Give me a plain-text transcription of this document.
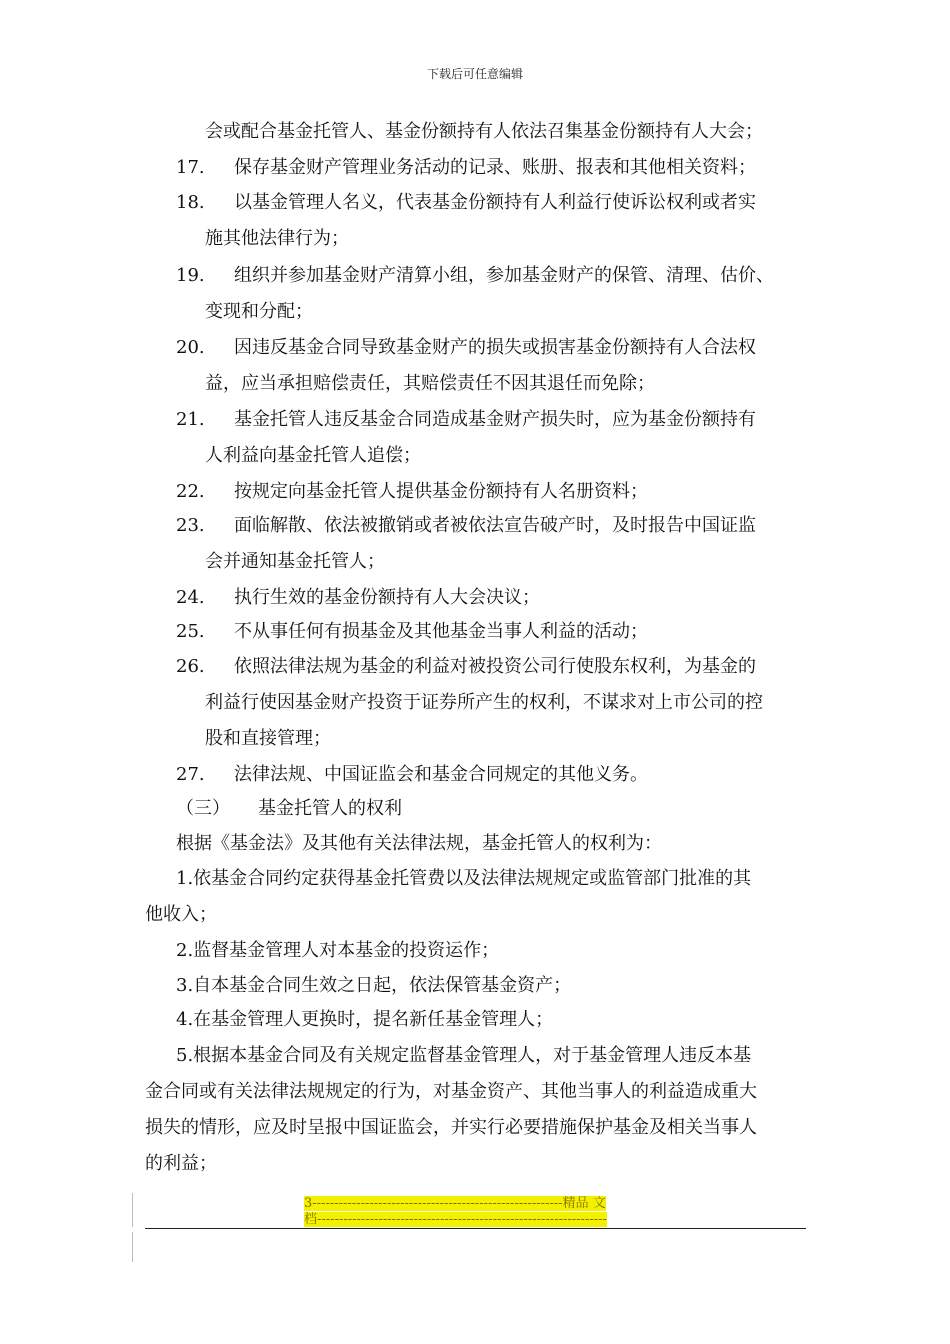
下载后可任意编辑
会或配合基金托管人、基金份额持有人依法召集基金份额持有人大会；
17. 保存基金财产管理业务活动的记录、账册、报表和其他相关资料；
18. 以基金管理人名义，代表基金份额持有人利益行使诉讼权利或者实
施其他法律行为；
19. 组织并参加基金财产清算小组，参加基金财产的保管、清理、估价、
变现和分配；
20. 因违反基金合同导致基金财产的损失或损害基金份额持有人合法权
益，应当承担赔偿责任，其赔偿责任不因其退任而免除；
21. 基金托管人违反基金合同造成基金财产损失时，应为基金份额持有
人利益向基金托管人追偿；
22. 按规定向基金托管人提供基金份额持有人名册资料；
23. 面临解散、依法被撤销或者被依法宣告破产时，及时报告中国证监
会并通知基金托管人；
24. 执行生效的基金份额持有人大会决议；
25. 不从事任何有损基金及其他基金当事人利益的活动；
26. 依照法律法规为基金的利益对被投资公司行使股东权利，为基金的
利益行使因基金财产投资于证券所产生的权利，不谋求对上市公司的控
股和直接管理；
27. 法律法规、中国证监会和基金合同规定的其他义务。
（三） 基金托管人的权利
根据《基金法》及其他有关法律法规，基金托管人的权利为：
1.依基金合同约定获得基金托管费以及法律法规规定或监管部门批准的其
他收入；
2.监督基金管理人对本基金的投资运作；
3.自本基金合同生效之日起，依法保管基金资产；
4.在基金管理人更换时，提名新任基金管理人；
5.根据本基金合同及有关规定监督基金管理人，对于基金管理人违反本基
金合同或有关法律法规规定的行为，对基金资产、其他当事人的利益造成重大
损失的情形，应及时呈报中国证监会，并实行必要措施保护基金及相关当事人
的利益；
3---------------------------------------------------------精品 文
档------------------------------------------------------------------
